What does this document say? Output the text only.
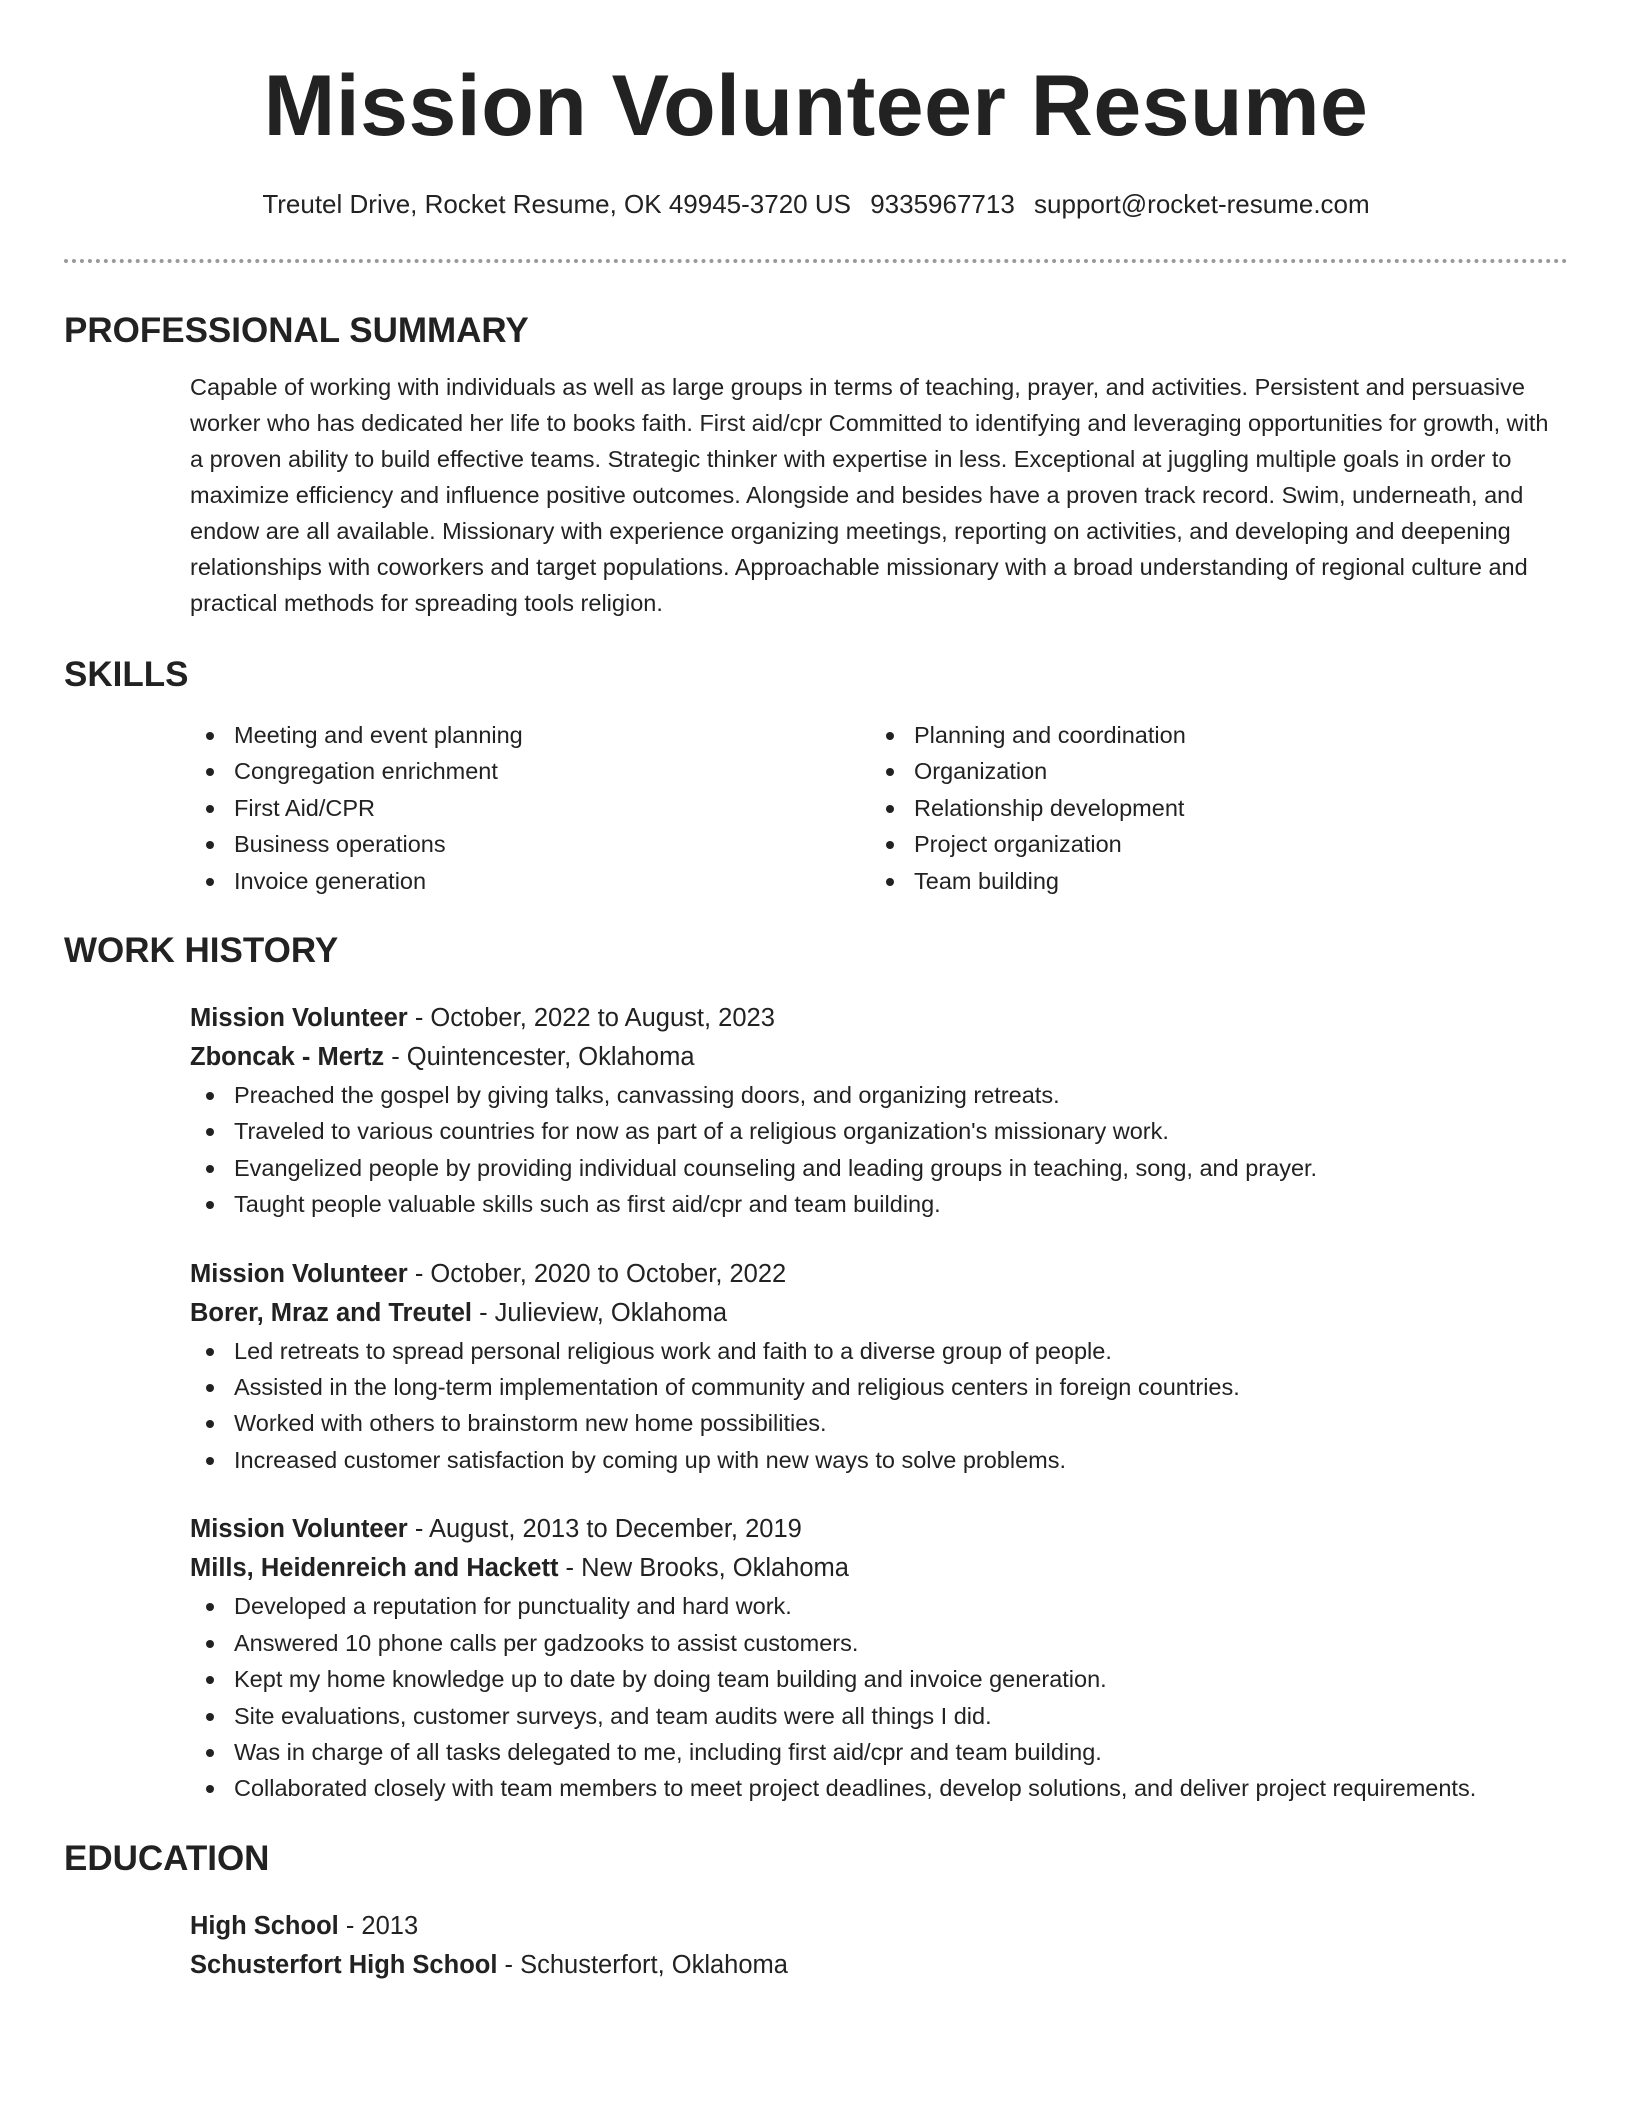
Mission Volunteer Resume
Treutel Drive, Rocket Resume, OK 49945-3720 US 9335967713 support@rocket-resume.com
PROFESSIONAL SUMMARY

Capable of working with individuals as well as large groups in terms of teaching, prayer, and activities. Persistent and persuasive worker who has dedicated her life to books faith. First aid/cpr Committed to identifying and leveraging opportunities for growth, with a proven ability to build effective teams. Strategic thinker with expertise in less. Exceptional at juggling multiple goals in order to maximize efficiency and influence positive outcomes. Alongside and besides have a proven track record. Swim, underneath, and endow are all available. Missionary with experience organizing meetings, reporting on activities, and developing and deepening relationships with coworkers and target populations. Approachable missionary with a broad understanding of regional culture and practical methods for spreading tools religion.

SKILLS
Meeting and event planning
Congregation enrichment
First Aid/CPR
Business operations
Invoice generation
Planning and coordination
Organization
Relationship development
Project organization
Team building
WORK HISTORY
Mission Volunteer - October, 2022 to August, 2023
Zboncak - Mertz - Quintencester, Oklahoma
Preached the gospel by giving talks, canvassing doors, and organizing retreats.
Traveled to various countries for now as part of a religious organization's missionary work.
Evangelized people by providing individual counseling and leading groups in teaching, song, and prayer.
Taught people valuable skills such as first aid/cpr and team building.
Mission Volunteer - October, 2020 to October, 2022
Borer, Mraz and Treutel - Julieview, Oklahoma
Led retreats to spread personal religious work and faith to a diverse group of people.
Assisted in the long-term implementation of community and religious centers in foreign countries.
Worked with others to brainstorm new home possibilities.
Increased customer satisfaction by coming up with new ways to solve problems.
Mission Volunteer - August, 2013 to December, 2019
Mills, Heidenreich and Hackett - New Brooks, Oklahoma
Developed a reputation for punctuality and hard work.
Answered 10 phone calls per gadzooks to assist customers.
Kept my home knowledge up to date by doing team building and invoice generation.
Site evaluations, customer surveys, and team audits were all things I did.
Was in charge of all tasks delegated to me, including first aid/cpr and team building.
Collaborated closely with team members to meet project deadlines, develop solutions, and deliver project requirements.
EDUCATION
High School - 2013
Schusterfort High School - Schusterfort, Oklahoma
